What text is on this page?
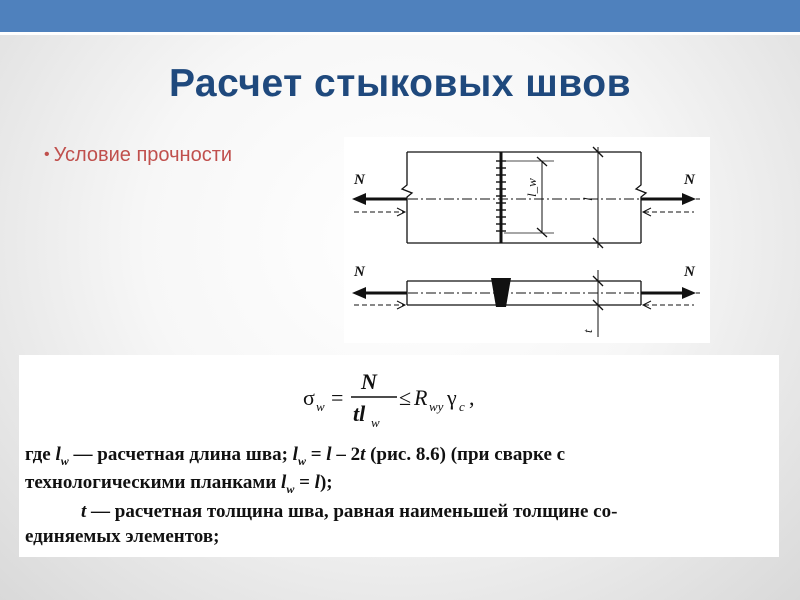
Расчет стыковых швов
• Условие прочности
N	N
N	N
l_w
l
t
σ w =
N
tl w
≤ R wy γ c ,
где $l_w$ — расчетная длина шва; $l_w = l - 2t$ (рис. 8.6) (при сварке с
технологическими планками $l_w = l$);
t — расчетная толщина шва, равная наименьшей толщине со-
единяемых элементов;
